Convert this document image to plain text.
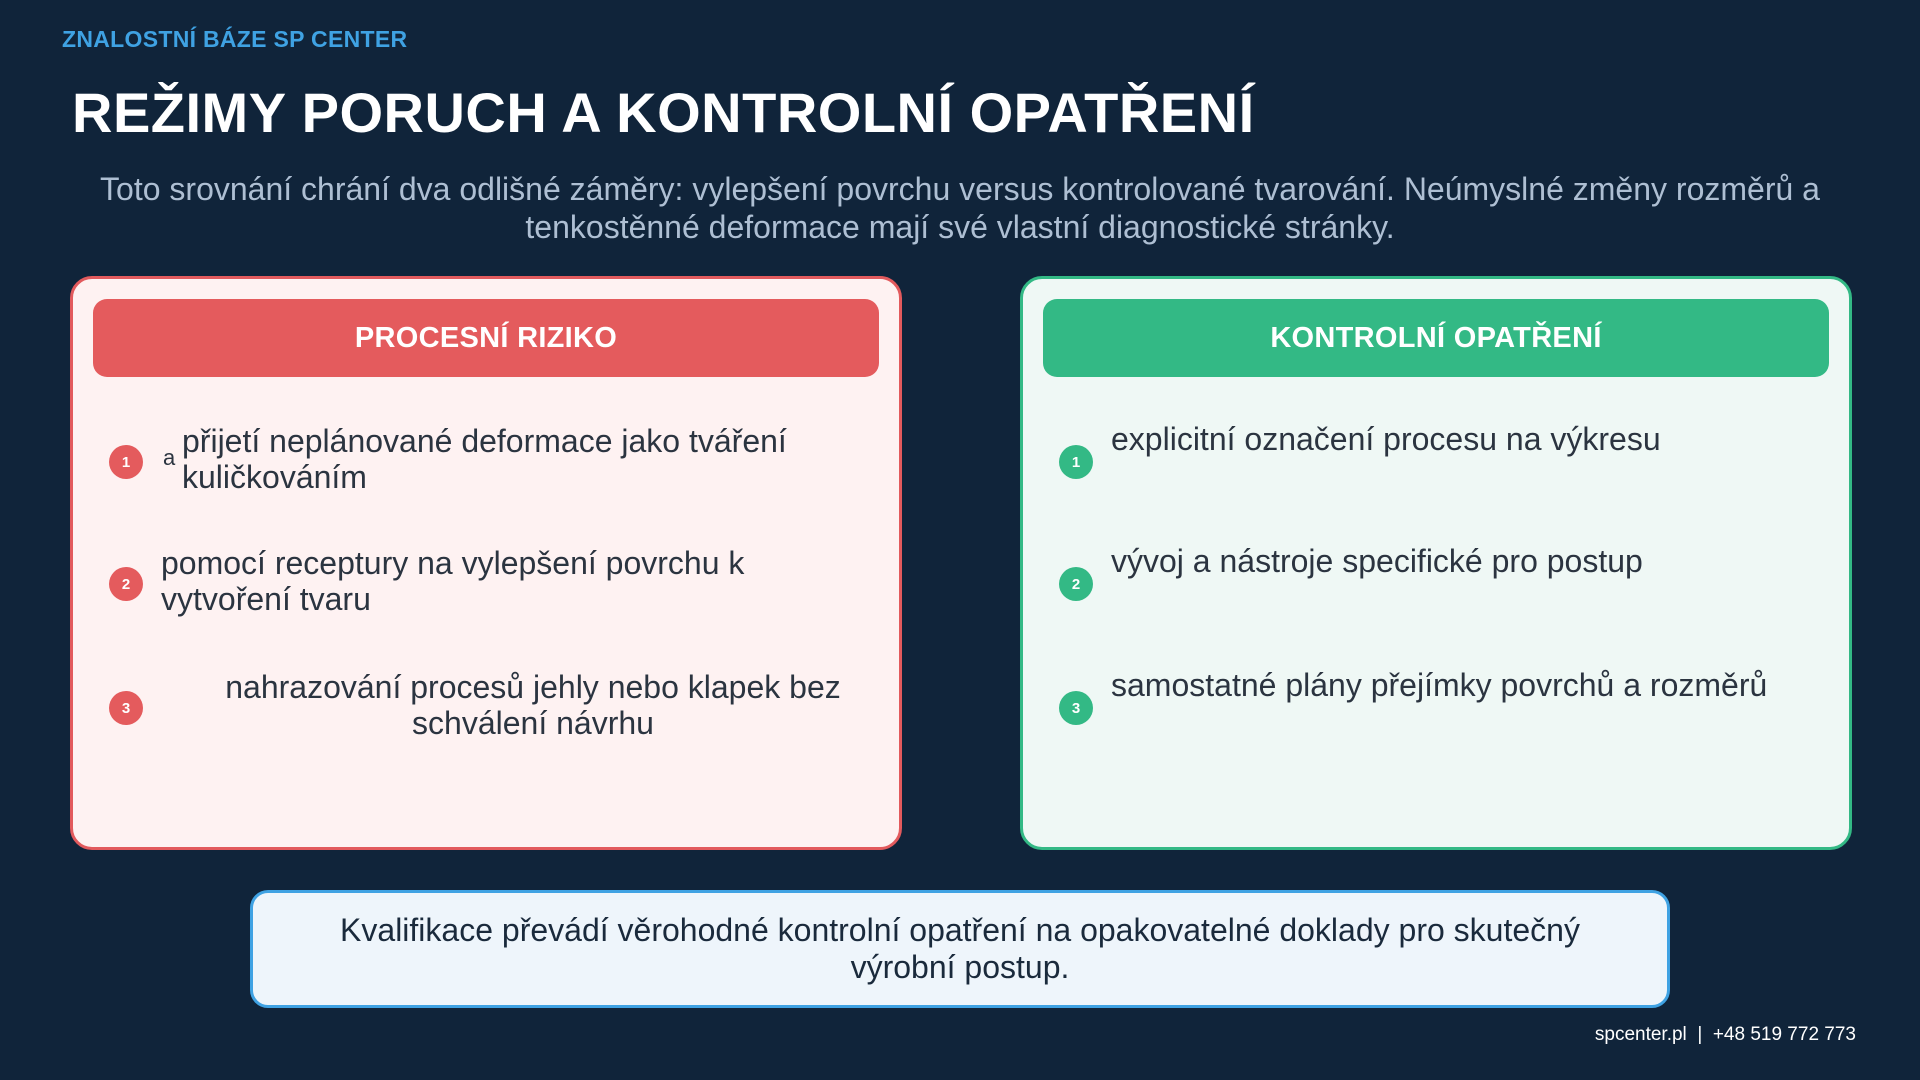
ZNALOSTNÍ BÁZE SP CENTER
REŽIMY PORUCH A KONTROLNÍ OPATŘENÍ
Toto srovnání chrání dva odlišné záměry: vylepšení povrchu versus kontrolované tvarování. Neúmyslné změny rozměrů a tenkostěnné deformace mají své vlastní diagnostické stránky.
PROCESNÍ RIZIKO
1	a přijetí neplánované deformace jako tváření kuličkováním
2
pomocí receptury na vylepšení povrchu k vytvoření tvaru
3
nahrazování procesů jehly nebo klapek bez schválení návrhu
KONTROLNÍ OPATŘENÍ
1
explicitní označení procesu na výkresu
2
vývoj a nástroje specifické pro postup
3
samostatné plány přejímky povrchů a rozměrů
Kvalifikace převádí věrohodné kontrolní opatření na opakovatelné doklady pro skutečný výrobní postup.
spcenter.pl  |  +48 519 772 773
